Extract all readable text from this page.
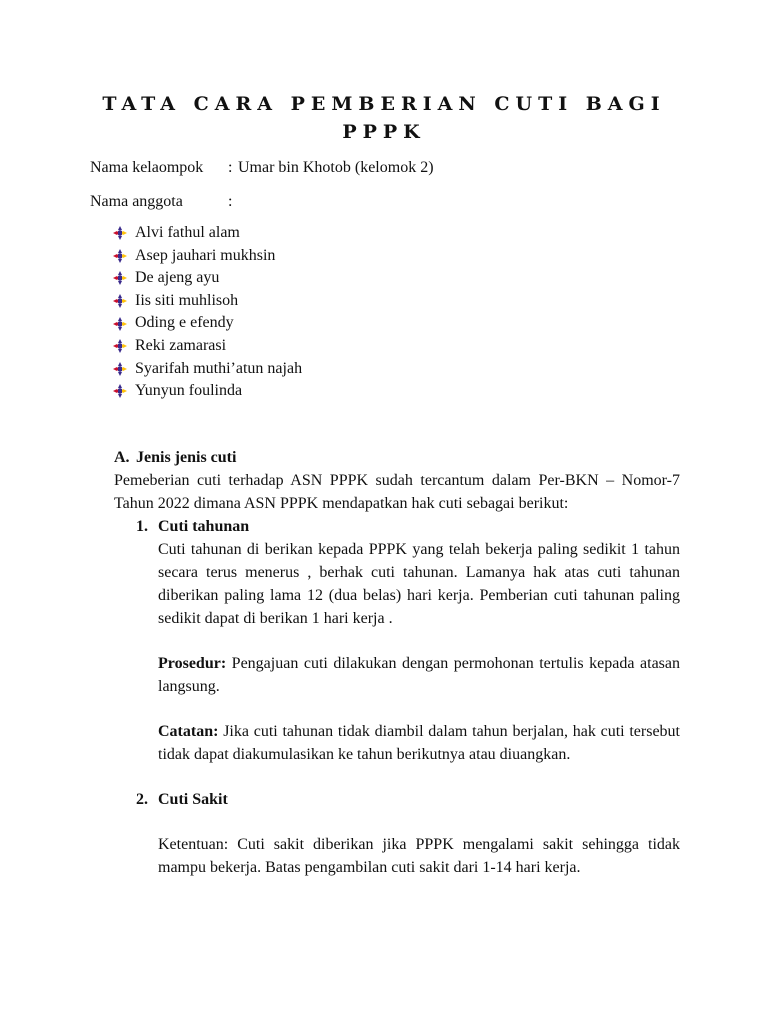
TATA CARA PEMBERIAN CUTI BAGI
PPPK
Nama kelaompok : Umar bin Khotob (kelomok 2)
Nama anggota	:
Alvi fathul alam
Asep jauhari mukhsin
De ajeng ayu
Iis siti muhlisoh
Oding e efendy
Reki zamarasi
Syarifah muthi’atun najah
Yunyun foulinda
A. Jenis jenis cuti

Pemeberian cuti terhadap ASN PPPK sudah tercantum dalam Per-BKN – Nomor-7 Tahun 2022 dimana ASN PPPK mendapatkan hak cuti sebagai berikut:

1. Cuti tahunan

Cuti tahunan di berikan kepada PPPK yang telah bekerja paling sedikit 1 tahun secara terus menerus , berhak cuti tahunan. Lamanya hak atas cuti tahunan diberikan paling lama 12 (dua belas) hari kerja. Pemberian cuti tahunan paling sedikit dapat di berikan 1 hari kerja .

Prosedur: Pengajuan cuti dilakukan dengan permohonan tertulis kepada atasan langsung.

Catatan: Jika cuti tahunan tidak diambil dalam tahun berjalan, hak cuti tersebut tidak dapat diakumulasikan ke tahun berikutnya atau diuangkan.

2. Cuti Sakit

Ketentuan: Cuti sakit diberikan jika PPPK mengalami sakit sehingga tidak mampu bekerja. Batas pengambilan cuti sakit dari 1-14 hari kerja.
